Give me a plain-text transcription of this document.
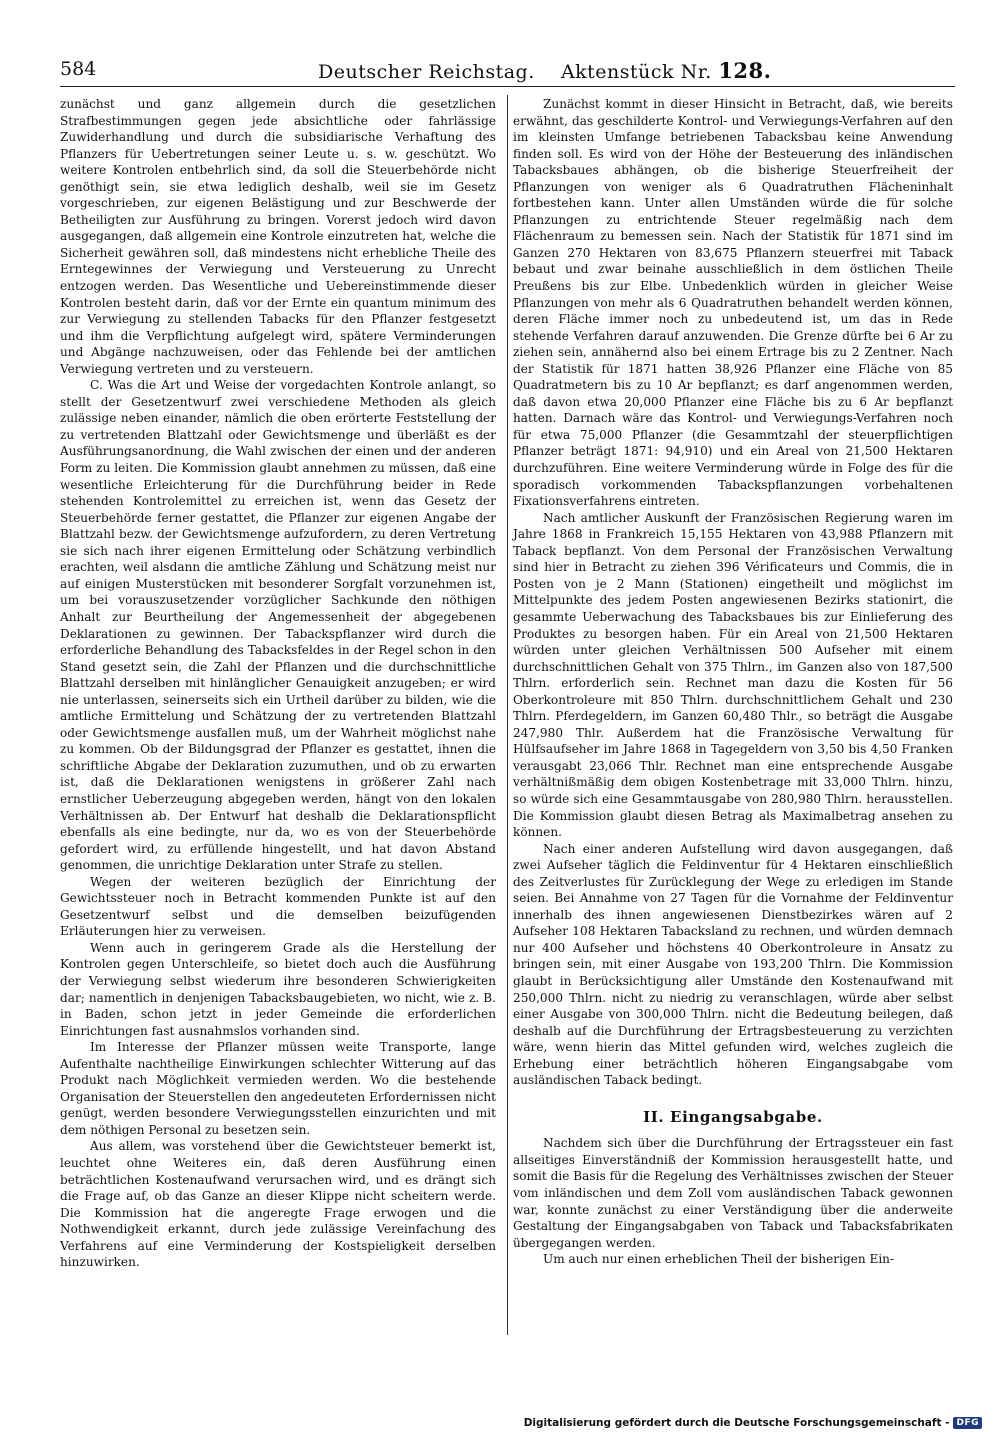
584	Deutscher Reichstag. Aktenstück Nr. 128.

zunächst und ganz allgemein durch die gesetzlichen Strafbestimmungen gegen jede absichtliche oder fahrlässige Zuwiderhandlung und durch die subsidiarische Verhaftung des Pflanzers für Uebertretungen seiner Leute u. s. w. geschützt. Wo weitere Kontrolen entbehrlich sind, da soll die Steuerbehörde nicht genöthigt sein, sie etwa lediglich deshalb, weil sie im Gesetz vorgeschrieben, zur eigenen Belästigung und zur Beschwerde der Betheiligten zur Ausführung zu bringen. Vorerst jedoch wird davon ausgegangen, daß allgemein eine Kontrole einzutreten hat, welche die Sicherheit gewähren soll, daß mindestens nicht erhebliche Theile des Erntegewinnes der Verwiegung und Versteuerung zu Unrecht entzogen werden. Das Wesentliche und Uebereinstimmende dieser Kontrolen besteht darin, daß vor der Ernte ein quantum minimum des zur Verwiegung zu stellenden Tabacks für den Pflanzer festgesetzt und ihm die Verpflichtung aufgelegt wird, spätere Verminderungen und Abgänge nachzuweisen, oder das Fehlende bei der amtlichen Verwiegung vertreten und zu versteuern.

C. Was die Art und Weise der vorgedachten Kontrole anlangt, so stellt der Gesetzentwurf zwei verschiedene Methoden als gleich zulässige neben einander, nämlich die oben erörterte Feststellung der zu vertretenden Blattzahl oder Gewichtsmenge und überläßt es der Ausführungsanordnung, die Wahl zwischen der einen und der anderen Form zu leiten. Die Kommission glaubt annehmen zu müssen, daß eine wesentliche Erleichterung für die Durchführung beider in Rede stehenden Kontrolemittel zu erreichen ist, wenn das Gesetz der Steuerbehörde ferner gestattet, die Pflanzer zur eigenen Angabe der Blattzahl bezw. der Gewichtsmenge aufzufordern, zu deren Vertretung sie sich nach ihrer eigenen Ermittelung oder Schätzung verbindlich erachten, weil alsdann die amtliche Zählung und Schätzung meist nur auf einigen Musterstücken mit besonderer Sorgfalt vorzunehmen ist, um bei vorauszusetzender vorzüglicher Sachkunde den nöthigen Anhalt zur Beurtheilung der Angemessenheit der abgegebenen Deklarationen zu gewinnen. Der Tabackspflanzer wird durch die erforderliche Behandlung des Tabacksfeldes in der Regel schon in den Stand gesetzt sein, die Zahl der Pflanzen und die durchschnittliche Blattzahl derselben mit hinlänglicher Genauigkeit anzugeben; er wird nie unterlassen, seinerseits sich ein Urtheil darüber zu bilden, wie die amtliche Ermittelung und Schätzung der zu vertretenden Blattzahl oder Gewichtsmenge ausfallen muß, um der Wahrheit möglichst nahe zu kommen. Ob der Bildungsgrad der Pflanzer es gestattet, ihnen die schriftliche Abgabe der Deklaration zuzumuthen, und ob zu erwarten ist, daß die Deklarationen wenigstens in größerer Zahl nach ernstlicher Ueberzeugung abgegeben werden, hängt von den lokalen Verhältnissen ab. Der Entwurf hat deshalb die Deklarationspflicht ebenfalls als eine bedingte, nur da, wo es von der Steuerbehörde gefordert wird, zu erfüllende hingestellt, und hat davon Abstand genommen, die unrichtige Deklaration unter Strafe zu stellen.

Wegen der weiteren bezüglich der Einrichtung der Gewichtssteuer noch in Betracht kommenden Punkte ist auf den Gesetzentwurf selbst und die demselben beizufügenden Erläuterungen hier zu verweisen.

Wenn auch in geringerem Grade als die Herstellung der Kontrolen gegen Unterschleife, so bietet doch auch die Ausführung der Verwiegung selbst wiederum ihre besonderen Schwierigkeiten dar; namentlich in denjenigen Tabacksbaugebieten, wo nicht, wie z. B. in Baden, schon jetzt in jeder Gemeinde die erforderlichen Einrichtungen fast ausnahmslos vorhanden sind.

Im Interesse der Pflanzer müssen weite Transporte, lange Aufenthalte nachtheilige Einwirkungen schlechter Witterung auf das Produkt nach Möglichkeit vermieden werden. Wo die bestehende Organisation der Steuerstellen den angedeuteten Erfordernissen nicht genügt, werden besondere Verwiegungsstellen einzurichten und mit dem nöthigen Personal zu besetzen sein.

Aus allem, was vorstehend über die Gewichtsteuer bemerkt ist, leuchtet ohne Weiteres ein, daß deren Ausführung einen beträchtlichen Kostenaufwand verursachen wird, und es drängt sich die Frage auf, ob das Ganze an dieser Klippe nicht scheitern werde. Die Kommission hat die angeregte Frage erwogen und die Nothwendigkeit erkannt, durch jede zulässige Vereinfachung des Verfahrens auf eine Verminderung der Kostspieligkeit derselben hinzuwirken.

Zunächst kommt in dieser Hinsicht in Betracht, daß, wie bereits erwähnt, das geschilderte Kontrol- und Verwiegungs-Verfahren auf den im kleinsten Umfange betriebenen Tabacksbau keine Anwendung finden soll. Es wird von der Höhe der Besteuerung des inländischen Tabacksbaues abhängen, ob die bisherige Steuerfreiheit der Pflanzungen von weniger als 6 Quadratruthen Flächeninhalt fortbestehen kann. Unter allen Umständen würde die für solche Pflanzungen zu entrichtende Steuer regelmäßig nach dem Flächenraum zu bemessen sein. Nach der Statistik für 1871 sind im Ganzen 270 Hektaren von 83,675 Pflanzern steuerfrei mit Taback bebaut und zwar beinahe ausschließlich in dem östlichen Theile Preußens bis zur Elbe. Unbedenklich würden in gleicher Weise Pflanzungen von mehr als 6 Quadratruthen behandelt werden können, deren Fläche immer noch zu unbedeutend ist, um das in Rede stehende Verfahren darauf anzuwenden. Die Grenze dürfte bei 6 Ar zu ziehen sein, annähernd also bei einem Ertrage bis zu 2 Zentner. Nach der Statistik für 1871 hatten 38,926 Pflanzer eine Fläche von 85 Quadratmetern bis zu 10 Ar bepflanzt; es darf angenommen werden, daß davon etwa 20,000 Pflanzer eine Fläche bis zu 6 Ar bepflanzt hatten. Darnach wäre das Kontrol- und Verwiegungs-Verfahren noch für etwa 75,000 Pflanzer (die Gesammtzahl der steuerpflichtigen Pflanzer beträgt 1871: 94,910) und ein Areal von 21,500 Hektaren durchzuführen. Eine weitere Verminderung würde in Folge des für die sporadisch vorkommenden Tabackspflanzungen vorbehaltenen Fixationsverfahrens eintreten.

Nach amtlicher Auskunft der Französischen Regierung waren im Jahre 1868 in Frankreich 15,155 Hektaren von 43,988 Pflanzern mit Taback bepflanzt. Von dem Personal der Französischen Verwaltung sind hier in Betracht zu ziehen 396 Vérificateurs und Commis, die in Posten von je 2 Mann (Stationen) eingetheilt und möglichst im Mittelpunkte des jedem Posten angewiesenen Bezirks stationirt, die gesammte Ueberwachung des Tabacksbaues bis zur Einlieferung des Produktes zu besorgen haben. Für ein Areal von 21,500 Hektaren würden unter gleichen Verhältnissen 500 Aufseher mit einem durchschnittlichen Gehalt von 375 Thlrn., im Ganzen also von 187,500 Thlrn. erforderlich sein. Rechnet man dazu die Kosten für 56 Oberkontroleure mit 850 Thlrn. durchschnittlichem Gehalt und 230 Thlrn. Pferdegeldern, im Ganzen 60,480 Thlr., so beträgt die Ausgabe 247,980 Thlr. Außerdem hat die Französische Verwaltung für Hülfsaufseher im Jahre 1868 in Tagegeldern von 3,50 bis 4,50 Franken verausgabt 23,066 Thlr. Rechnet man eine entsprechende Ausgabe verhältnißmäßig dem obigen Kostenbetrage mit 33,000 Thlrn. hinzu, so würde sich eine Gesammtausgabe von 280,980 Thlrn. herausstellen. Die Kommission glaubt diesen Betrag als Maximalbetrag ansehen zu können.

Nach einer anderen Aufstellung wird davon ausgegangen, daß zwei Aufseher täglich die Feldinventur für 4 Hektaren einschließlich des Zeitverlustes für Zurücklegung der Wege zu erledigen im Stande seien. Bei Annahme von 27 Tagen für die Vornahme der Feldinventur innerhalb des ihnen angewiesenen Dienstbezirkes wären auf 2 Aufseher 108 Hektaren Tabacksland zu rechnen, und würden demnach nur 400 Aufseher und höchstens 40 Oberkontroleure in Ansatz zu bringen sein, mit einer Ausgabe von 193,200 Thlrn. Die Kommission glaubt in Berücksichtigung aller Umstände den Kostenaufwand mit 250,000 Thlrn. nicht zu niedrig zu veranschlagen, würde aber selbst einer Ausgabe von 300,000 Thlrn. nicht die Bedeutung beilegen, daß deshalb auf die Durchführung der Ertragsbesteuerung zu verzichten wäre, wenn hierin das Mittel gefunden wird, welches zugleich die Erhebung einer beträchtlich höheren Eingangsabgabe vom ausländischen Taback bedingt.

II. Eingangsabgabe.

Nachdem sich über die Durchführung der Ertragssteuer ein fast allseitiges Einverständniß der Kommission herausgestellt hatte, und somit die Basis für die Regelung des Verhältnisses zwischen der Steuer vom inländischen und dem Zoll vom ausländischen Taback gewonnen war, konnte zunächst zu einer Verständigung über die anderweite Gestaltung der Eingangsabgaben von Taback und Tabacksfabrikaten übergegangen werden.

Um auch nur einen erheblichen Theil der bisherigen Ein-

Digitalisierung gefördert durch die Deutsche Forschungsgemeinschaft - DFG
